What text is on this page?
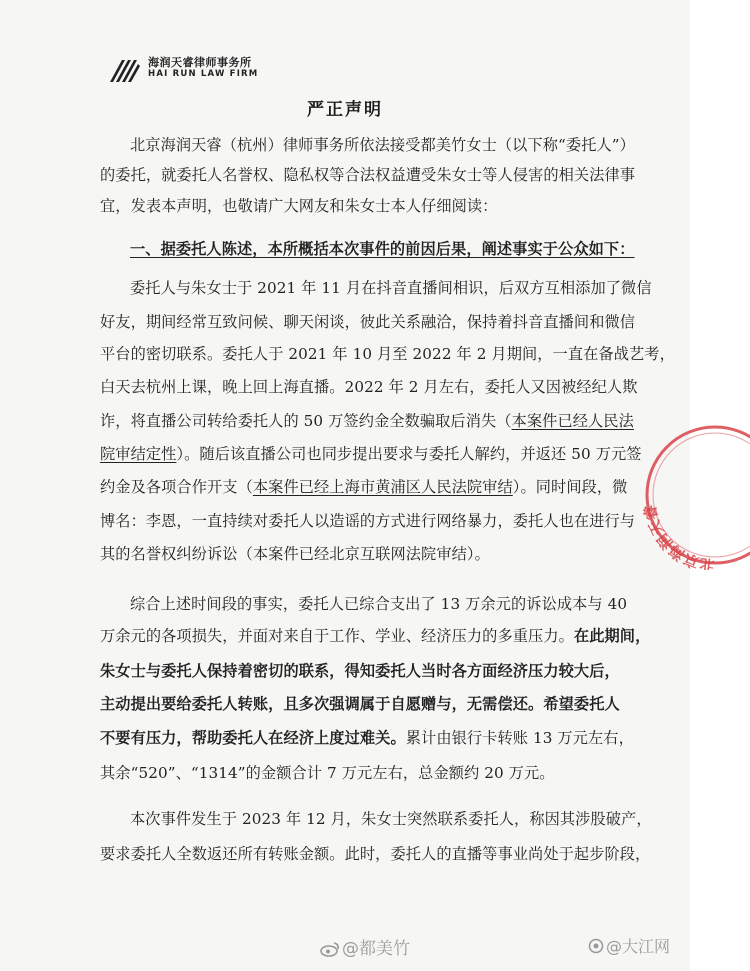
海润天睿律师事务所
HAI RUN LAW FIRM
严正声明
北京海润天睿（杭州）律师事务所依法接受都美竹女士（以下称“委托人”）
的委托，就委托人名誉权、隐私权等合法权益遭受朱女士等人侵害的相关法律事
宜，发表本声明，也敬请广大网友和朱女士本人仔细阅读：
一、据委托人陈述，本所概括本次事件的前因后果，阐述事实于公众如下：
委托人与朱女士于 2021 年 11 月在抖音直播间相识，后双方互相添加了微信
好友，期间经常互致问候、聊天闲谈，彼此关系融洽，保持着抖音直播间和微信
平台的密切联系。委托人于 2021 年 10 月至 2022 年 2 月期间，一直在备战艺考，
白天去杭州上课，晚上回上海直播。2022 年 2 月左右，委托人又因被经纪人欺
诈，将直播公司转给委托人的 50 万签约金全数骗取后消失（本案件已经人民法
院审结定性）。随后该直播公司也同步提出要求与委托人解约，并返还 50 万元签
约金及各项合作开支（本案件已经上海市黄浦区人民法院审结）。同时间段，微
博名：李恩，一直持续对委托人以造谣的方式进行网络暴力，委托人也在进行与
其的名誉权纠纷诉讼（本案件已经北京互联网法院审结）。
综合上述时间段的事实，委托人已综合支出了 13 万余元的诉讼成本与 40
万余元的各项损失，并面对来自于工作、学业、经济压力的多重压力。在此期间，
朱女士与委托人保持着密切的联系，得知委托人当时各方面经济压力较大后，
主动提出要给委托人转账，且多次强调属于自愿赠与，无需偿还。希望委托人
不要有压力，帮助委托人在经济上度过难关。累计由银行卡转账 13 万元左右，
其余“520”、“1314”的金额合计 7 万元左右，总金额约 20 万元。
本次事件发生于 2023 年 12 月，朱女士突然联系委托人，称因其涉股破产，
要求委托人全数返还所有转账金额。此时，委托人的直播等事业尚处于起步阶段，
北京海润天睿
@都美竹	@大江网
